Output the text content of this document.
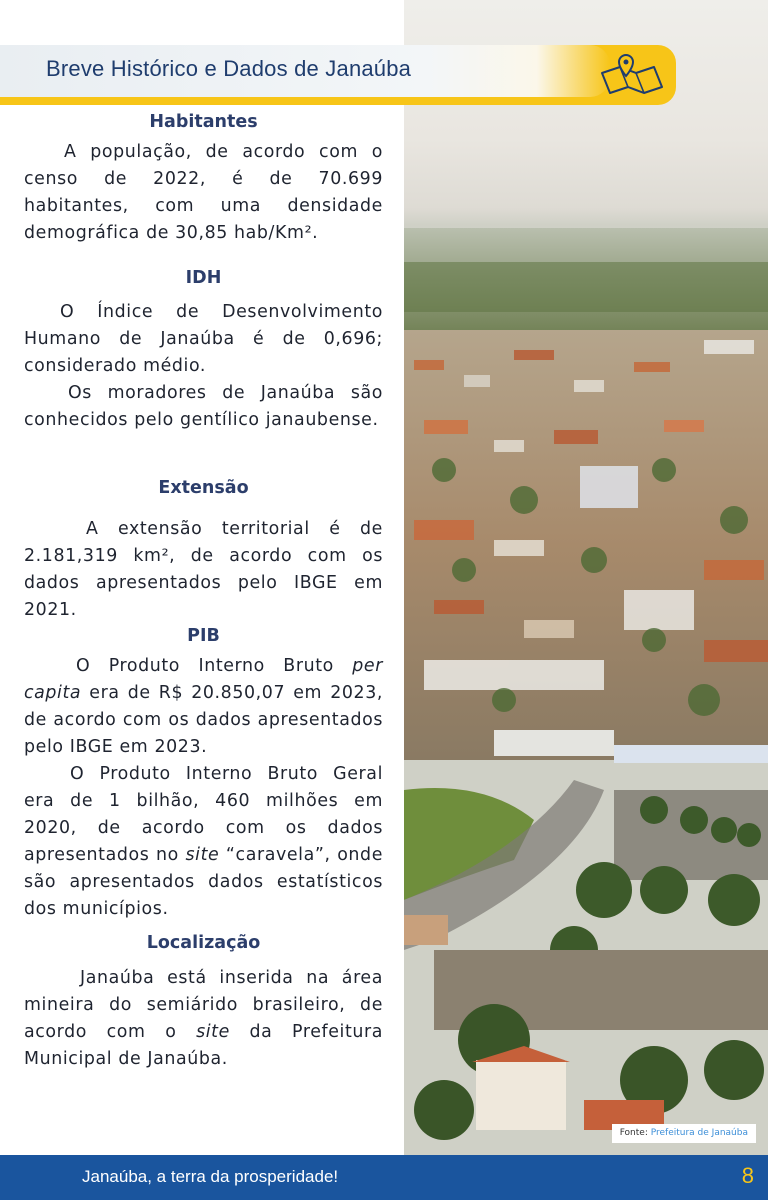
Fonte: Prefeitura de Janaúba
Breve Histórico e Dados de Janaúba
Habitantes

A população, de acordo com o censo de 2022, é de 70.699 habitantes, com uma densidade demográfica de 30,85 hab/Km².

IDH

O Índice de Desenvolvimento Humano de Janaúba é de 0,696; considerado médio.

Os moradores de Janaúba são conhecidos pelo gentílico janaubense.

Extensão

A extensão territorial é de 2.181,319 km², de acordo com os dados apresentados pelo IBGE em 2021.

PIB

O Produto Interno Bruto per capita era de R$ 20.850,07 em 2023, de acordo com os dados apresentados pelo IBGE em 2023.

O Produto Interno Bruto Geral era de 1 bilhão, 460 milhões em 2020, de acordo com os dados apresentados no site “caravela”, onde são apresentados dados estatísticos dos municípios.

Localização

Janaúba está inserida na área mineira do semiárido brasileiro, de acordo com o site da Prefeitura Municipal de Janaúba.

Janaúba, a terra da prosperidade!	8
